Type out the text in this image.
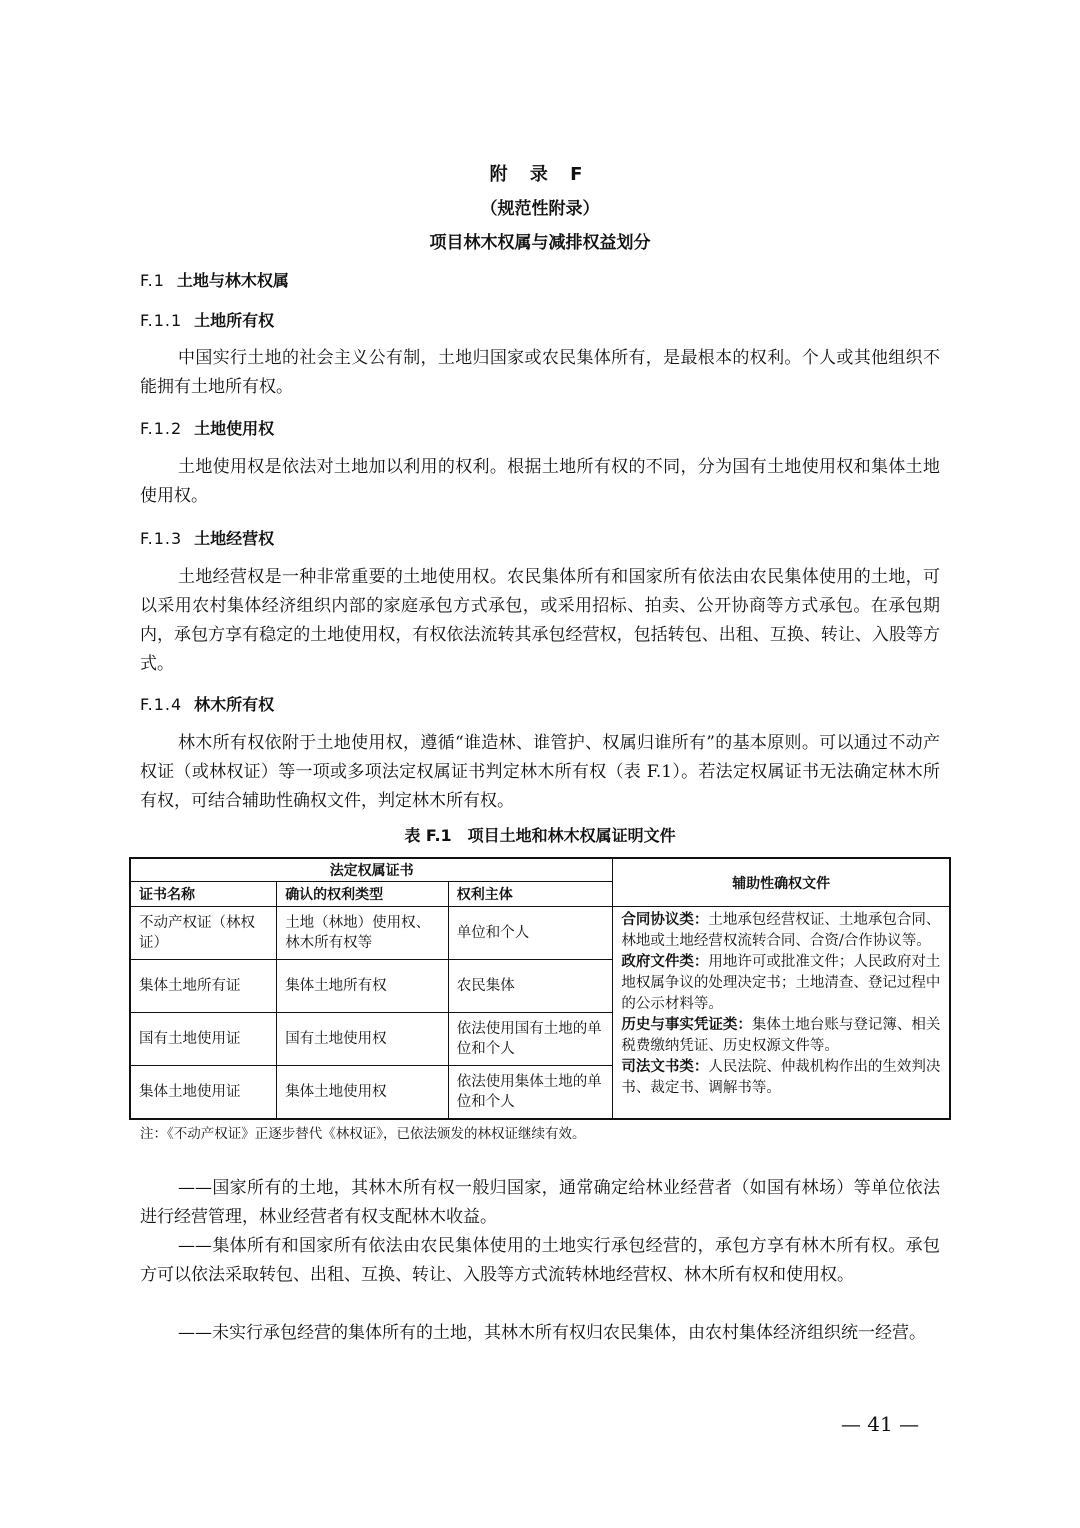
附 录 F
（规范性附录）
项目林木权属与减排权益划分
F.1 土地与林木权属
F.1.1 土地所有权
中国实行土地的社会主义公有制，土地归国家或农民集体所有，是最根本的权利。个人或其他组织不能拥有土地所有权。
F.1.2 土地使用权
土地使用权是依法对土地加以利用的权利。根据土地所有权的不同，分为国有土地使用权和集体土地使用权。
F.1.3 土地经营权
土地经营权是一种非常重要的土地使用权。农民集体所有和国家所有依法由农民集体使用的土地，可以采用农村集体经济组织内部的家庭承包方式承包，或采用招标、拍卖、公开协商等方式承包。在承包期内，承包方享有稳定的土地使用权，有权依法流转其承包经营权，包括转包、出租、互换、转让、入股等方式。
F.1.4 林木所有权
林木所有权依附于土地使用权，遵循“谁造林、谁管护、权属归谁所有”的基本原则。可以通过不动产权证（或林权证）等一项或多项法定权属证书判定林木所有权（表 F.1）。若法定权属证书无法确定林木所有权，可结合辅助性确权文件，判定林木所有权。
表 F.1　项目土地和林木权属证明文件
法定权属证书			辅助性确权文件
证书名称	确认的权利类型	权利主体	
不动产权证（林权证）	土地（林地）使用权、林木所有权等	单位和个人	合同协议类：土地承包经营权证、土地承包合同、林地或土地经营权流转合同、合资/合作协议等。
政府文件类：用地许可或批准文件；人民政府对土地权属争议的处理决定书；土地清查、登记过程中的公示材料等。
历史与事实凭证类：集体土地台账与登记簿、相关税费缴纳凭证、历史权源文件等。
司法文书类：人民法院、仲裁机构作出的生效判决书、裁定书、调解书等。

集体土地所有证	集体土地所有权	农民集体	
国有土地使用证	国有土地使用权	依法使用国有土地的单位和个人	
集体土地使用证	集体土地使用权	依法使用集体土地的单位和个人	
注：《不动产权证》正逐步替代《林权证》，已依法颁发的林权证继续有效。
——国家所有的土地，其林木所有权一般归国家，通常确定给林业经营者（如国有林场）等单位依法进行经营管理，林业经营者有权支配林木收益。
——集体所有和国家所有依法由农民集体使用的土地实行承包经营的，承包方享有林木所有权。承包方可以依法采取转包、出租、互换、转让、入股等方式流转林地经营权、林木所有权和使用权。
——未实行承包经营的集体所有的土地，其林木所有权归农民集体，由农村集体经济组织统一经营。
— 41 —
